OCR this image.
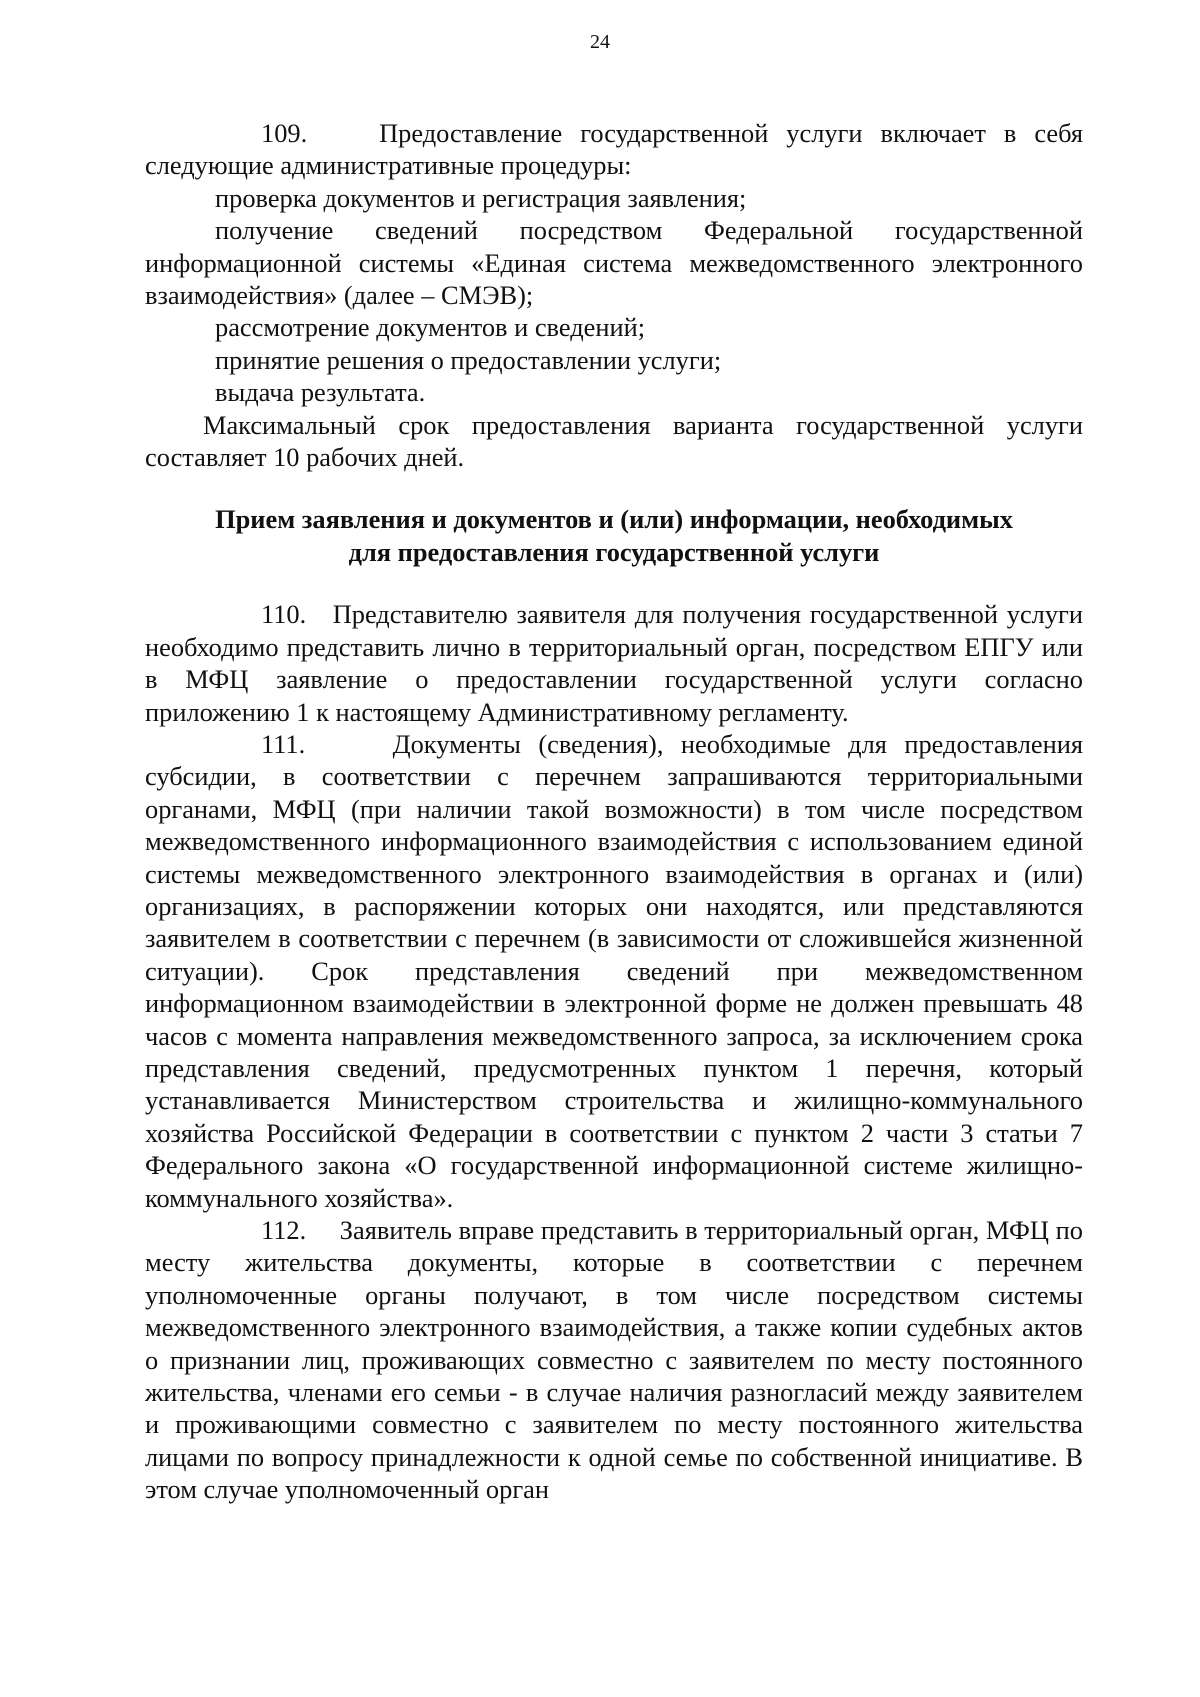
24

109.	Предоставление государственной услуги включает в себя следующие административные процедуры:

проверка документов и регистрация заявления;

получение сведений посредством Федеральной государственной информационной системы «Единая система межведомственного электронного взаимодействия» (далее – СМЭВ);

рассмотрение документов и сведений;

принятие решения о предоставлении услуги;

выдача результата.

Максимальный срок предоставления варианта государственной услуги составляет 10 рабочих дней.

Прием заявления и документов и (или) информации, необходимых

для предоставления государственной услуги

110. Представителю заявителя для получения государственной услуги необходимо представить лично в территориальный орган, посредством ЕПГУ или в МФЦ заявление о предоставлении государственной услуги согласно приложению 1 к настоящему Административному регламенту.

111.	Документы (сведения), необходимые для предоставления субсидии, в соответствии с перечнем запрашиваются территориальными органами, МФЦ (при наличии такой возможности) в том числе посредством межведомственного информационного взаимодействия с использованием единой системы межведомственного электронного взаимодействия в органах и (или) организациях, в распоряжении которых они находятся, или представляются заявителем в соответствии с перечнем (в зависимости от сложившейся жизненной ситуации). Срок представления сведений при межведомственном информационном взаимодействии в электронной форме не должен превышать 48 часов с момента направления межведомственного запроса, за исключением срока представления сведений, предусмотренных пунктом 1 перечня, который устанавливается Министерством строительства и жилищно-коммунального хозяйства Российской Федерации в соответствии с пунктом 2 части 3 статьи 7 Федерального закона «О государственной информационной системе жилищно-коммунального хозяйства».

112. Заявитель вправе представить в территориальный орган, МФЦ по месту жительства документы, которые в соответствии с перечнем уполномоченные органы получают, в том числе посредством системы межведомственного электронного взаимодействия, а также копии судебных актов о признании лиц, проживающих совместно с заявителем по месту постоянного жительства, членами его семьи - в случае наличия разногласий между заявителем и проживающими совместно с заявителем по месту постоянного жительства лицами по вопросу принадлежности к одной семье по собственной инициативе. В этом случае уполномоченный орган
